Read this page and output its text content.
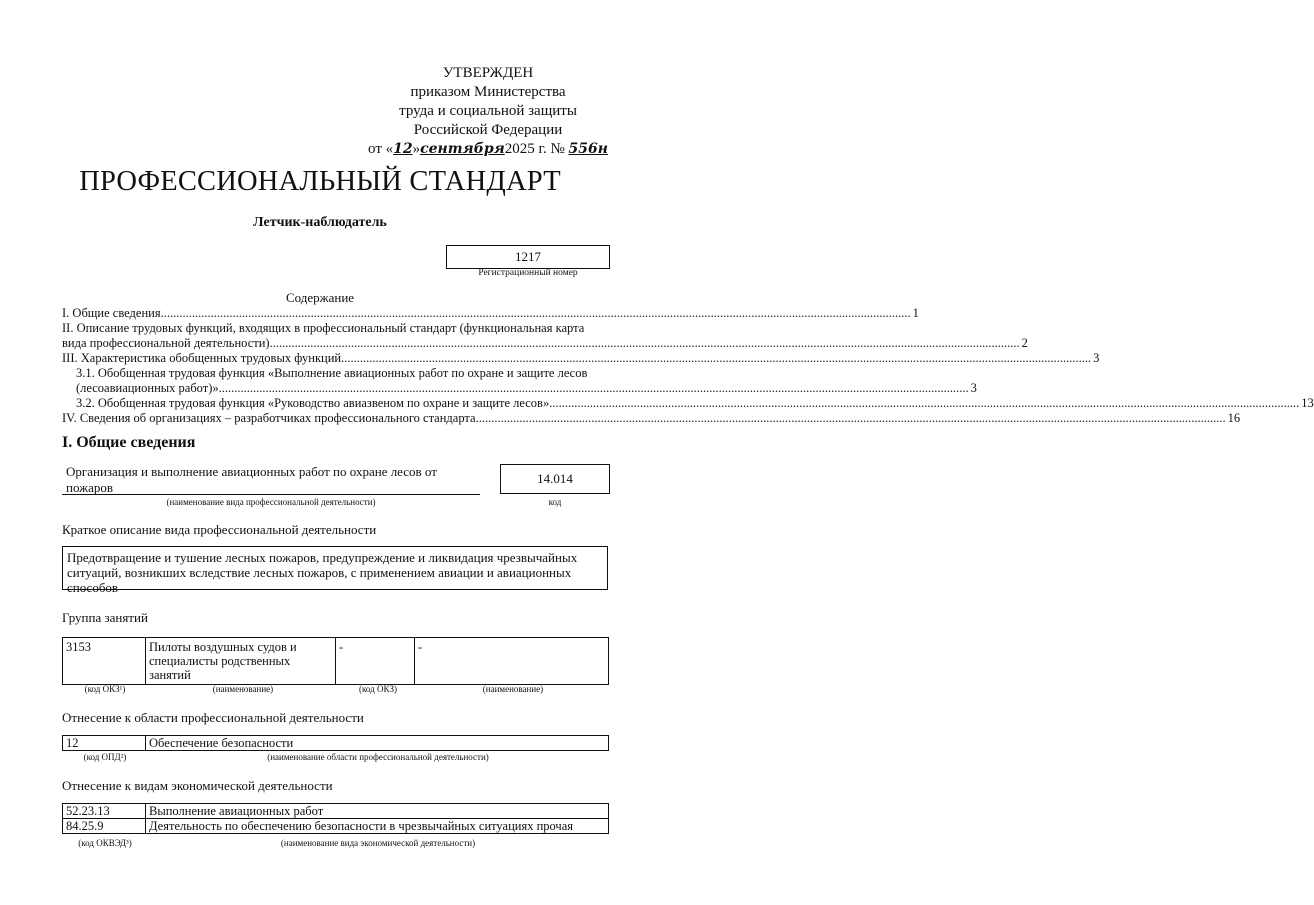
УТВЕРЖДЕН
приказом Министерства
труда и социальной защиты
Российской Федерации
от «12»сентября2025 г. № 556н
ПРОФЕССИОНАЛЬНЫЙ СТАНДАРТ
Летчик-наблюдатель
1217
Регистрационный номер
Содержание
I. Общие сведения .....	1
II. Описание трудовых функций, входящих в профессиональный стандарт (функциональная карта
вида профессиональной деятельности) .....	2
III. Характеристика обобщенных трудовых функций .....	3
3.1. Обобщенная трудовая функция «Выполнение авиационных работ по охране и защите лесов
(лесоавиационных работ)» .....	3
3.2. Обобщенная трудовая функция «Руководство авиазвеном по охране и защите лесов» .....	13
IV. Сведения об организациях – разработчиках профессионального стандарта .....	16
I. Общие сведения
Организация и выполнение авиационных работ по охране лесов от пожаров
(наименование вида профессиональной деятельности)
14.014
код
Краткое описание вида профессиональной деятельности
Предотвращение и тушение лесных пожаров, предупреждение и ликвидация чрезвычайных ситуаций, возникших вследствие лесных пожаров, с применением авиации и авиационных способов
Группа занятий
3153	Пилоты воздушных судов и специалисты родственных занятий	-	-
(код ОКЗ¹)	(наименование)	(код ОКЗ)	(наименование)
Отнесение к области профессиональной деятельности
12	Обеспечение безопасности
(код ОПД²)	(наименование области профессиональной деятельности)
Отнесение к видам экономической деятельности
52.23.13	Выполнение авиационных работ
84.25.9	Деятельность по обеспечению безопасности в чрезвычайных ситуациях прочая
(код ОКВЭД³)	(наименование вида экономической деятельности)
